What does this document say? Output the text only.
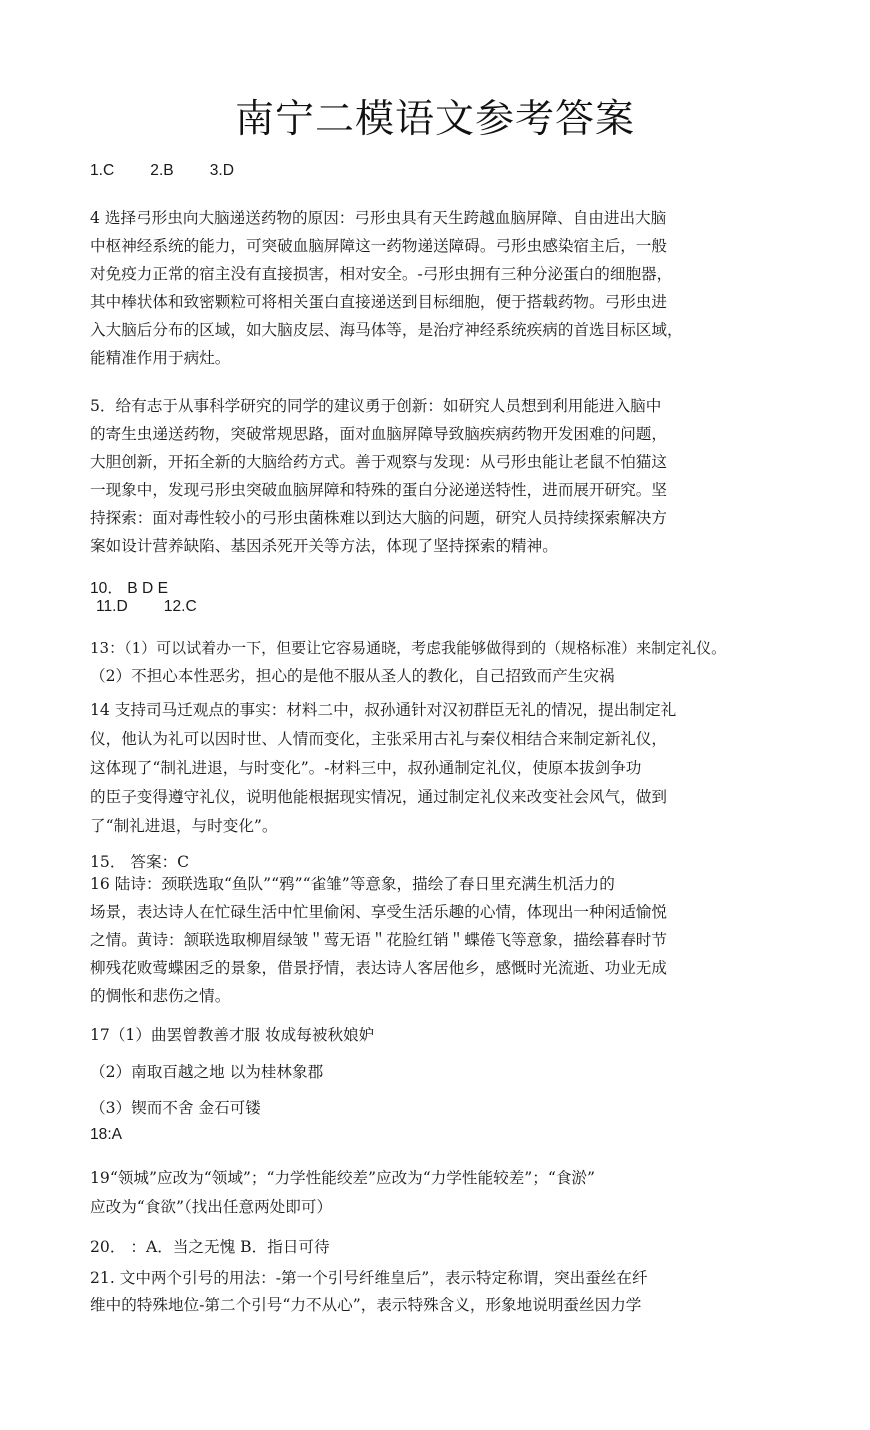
南宁二模语文参考答案
1.C 2.B 3.D
4 选择弓形虫向大脑递送药物的原因：弓形虫具有天生跨越血脑屏障、自由进出大脑
中枢神经系统的能力，可突破血脑屏障这一药物递送障碍。弓形虫感染宿主后，一般
对免疫力正常的宿主没有直接损害，相对安全。-弓形虫拥有三种分泌蛋白的细胞器，
其中棒状体和致密颗粒可将相关蛋白直接递送到目标细胞，便于搭载药物。弓形虫进
入大脑后分布的区域，如大脑皮层、海马体等，是治疗神经系统疾病的首选目标区域，
能精准作用于病灶。
5．给有志于从事科学研究的同学的建议勇于创新：如研究人员想到利用能进入脑中
的寄生虫递送药物，突破常规思路，面对血脑屏障导致脑疾病药物开发困难的问题，
大胆创新，开拓全新的大脑给药方式。善于观察与发现：从弓形虫能让老鼠不怕猫这
一现象中，发现弓形虫突破血脑屏障和特殊的蛋白分泌递送特性，进而展开研究。坚
持探索：面对毒性较小的弓形虫菌株难以到达大脑的问题，研究人员持续探索解决方
案如设计营养缺陷、基因杀死开关等方法，体现了坚持探索的精神。
10． B D E
11.D 12.C
13：（1）可以试着办一下，但要让它容易通晓，考虑我能够做得到的（规格标准）来制定礼仪。
（2）不担心本性恶劣，担心的是他不服从圣人的教化，自己招致而产生灾祸
14 支持司马迁观点的事实：材料二中，叔孙通针对汉初群臣无礼的情况，提出制定礼
仪，他认为礼可以因时世、人情而变化，主张采用古礼与秦仪相结合来制定新礼仪，
这体现了“制礼进退，与时变化”。-材料三中，叔孙通制定礼仪，使原本拔剑争功
的臣子变得遵守礼仪，说明他能根据现实情况，通过制定礼仪来改变社会风气，做到
了“制礼进退，与时变化”。
15． 答案：C
16 陆诗：颈联选取“鱼队”“鸦”“雀雏”等意象，描绘了春日里充满生机活力的
场景，表达诗人在忙碌生活中忙里偷闲、享受生活乐趣的心情，体现出一种闲适愉悦
之情。黄诗：颔联选取柳眉绿皱＂莺无语＂花脸红销＂蝶倦飞等意象，描绘暮春时节
柳残花败莺蝶困乏的景象，借景抒情，表达诗人客居他乡，感慨时光流逝、功业无成
的惆怅和悲伤之情。
17（1）曲罢曾教善才服 妆成每被秋娘妒
（2）南取百越之地 以为桂林象郡
（3）锲而不舍 金石可镂
18:A
19“领城”应改为“领域”；“力学性能绞差”应改为“力学性能较差”；“食淤”
应改为“食欲”（找出任意两处即可）
20． ：A．当之无愧 B．指日可待
21. 文中两个引号的用法：-第一个引号纤维皇后”，表示特定称谓，突出蚕丝在纤
维中的特殊地位-第二个引号“力不从心”，表示特殊含义，形象地说明蚕丝因力学
